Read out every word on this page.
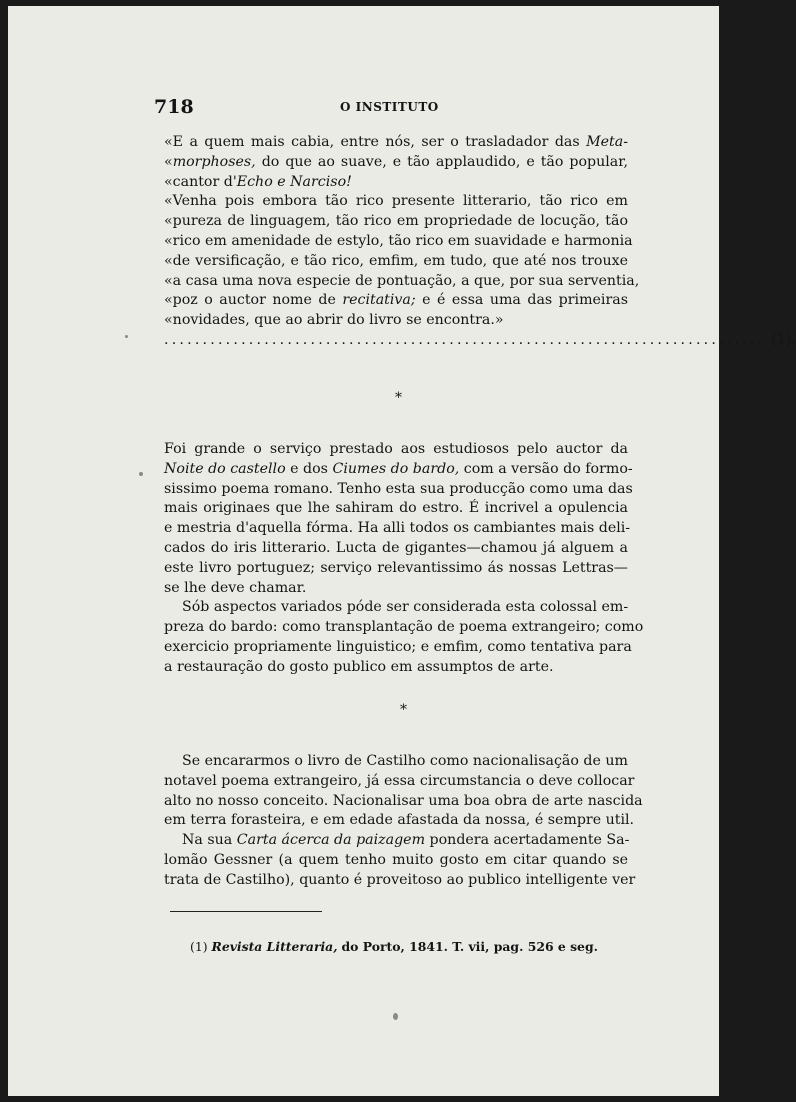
718	O INSTITUTO
«E a quem mais cabia, entre nós, ser o trasladador das Meta-
«morphoses, do que ao suave, e tão applaudido, e tão popular,
«cantor d'Echo e Narciso!
«Venha pois embora tão rico presente litterario, tão rico em
«pureza de linguagem, tão rico em propriedade de locução, tão
«rico em amenidade de estylo, tão rico em suavidade e harmonia
«de versificação, e tão rico, emfim, em tudo, que até nos trouxe
«a casa uma nova especie de pontuação, a que, por sua serventia,
«poz o auctor nome de recitativa; e é essa uma das primeiras
«novidades, que ao abrir do livro se encontra.»
.............................................................................. (1).
*
Foi grande o serviço prestado aos estudiosos pelo auctor da
Noite do castello e dos Ciumes do bardo, com a versão do formo-
sissimo poema romano. Tenho esta sua producção como uma das
mais originaes que lhe sahiram do estro. É incrivel a opulencia
e mestria d'aquella fórma. Ha alli todos os cambiantes mais deli-
cados do iris litterario. Lucta de gigantes—chamou já alguem a
este livro portuguez; serviço relevantissimo ás nossas Lettras—
se lhe deve chamar.
Sób aspectos variados póde ser considerada esta colossal em-
preza do bardo: como transplantação de poema extrangeiro; como
exercicio propriamente linguistico; e emfim, como tentativa para
a restauração do gosto publico em assumptos de arte.
*
Se encararmos o livro de Castilho como nacionalisação de um
notavel poema extrangeiro, já essa circumstancia o deve collocar
alto no nosso conceito. Nacionalisar uma boa obra de arte nascida
em terra forasteira, e em edade afastada da nossa, é sempre util.
Na sua Carta ácerca da paizagem pondera acertadamente Sa-
lomão Gessner (a quem tenho muito gosto em citar quando se
trata de Castilho), quanto é proveitoso ao publico intelligente ver
(1) Revista Litteraria, do Porto, 1841. T. vii, pag. 526 e seg.
